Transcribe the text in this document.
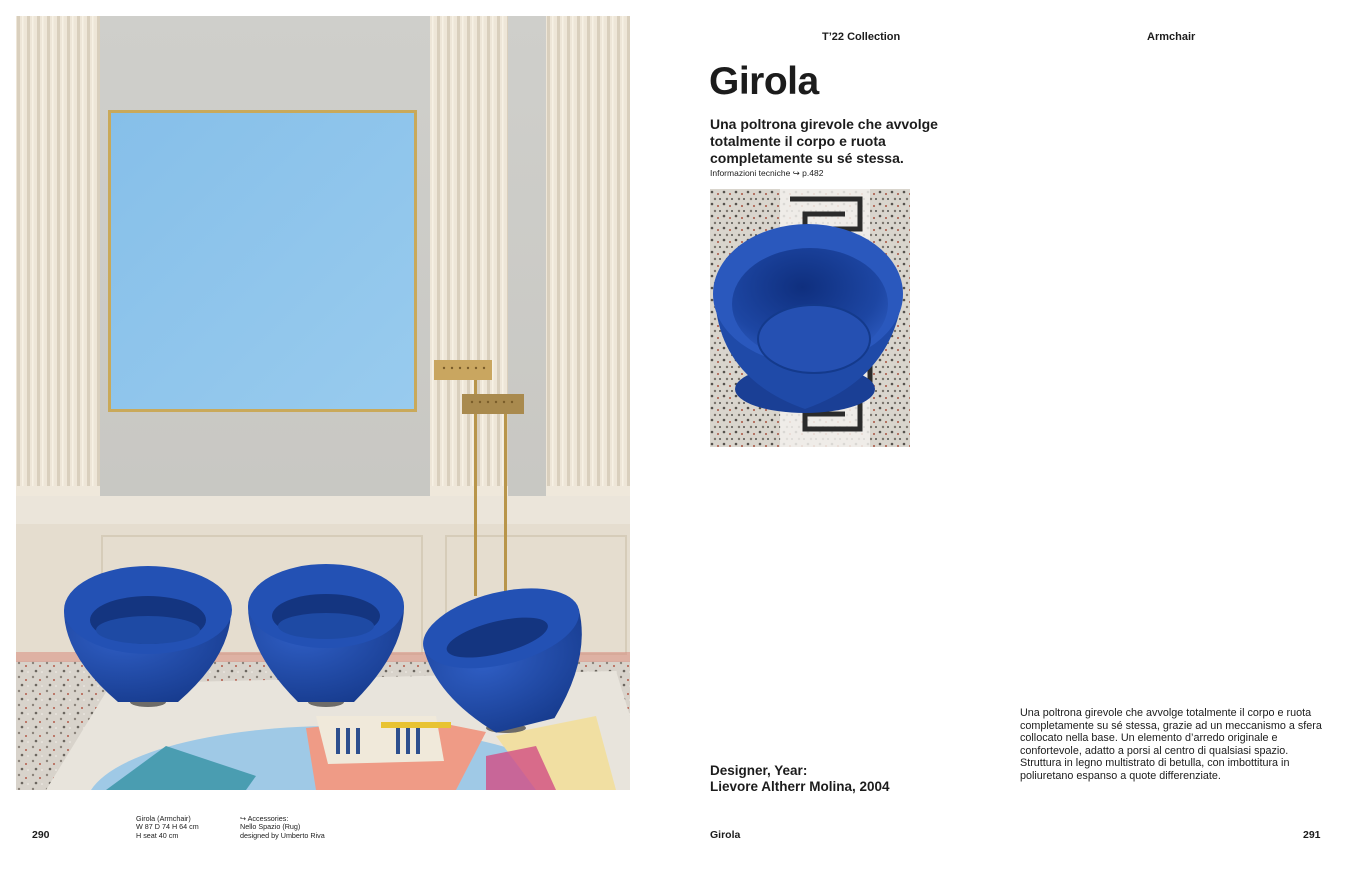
T’22 Collection	Armchair
Girola

Una poltrona girevole che avvolge totalmente il corpo e ruota completamente su sé stessa.

Informazioni tecniche ↪ p.482
Designer, Year:
Lievore Altherr Molina, 2004
Una poltrona girevole che avvolge totalmente il corpo e ruota completamente su sé stessa, grazie ad un meccanismo a sfera collocato nella base. Un elemento d’arredo originale e confortevole, adatto a porsi al centro di qualsiasi spazio. Struttura in legno multistrato di betulla, con imbottitura in poliuretano espanso a quote differenziate.
Girola (Armchair)
W 87 D 74 H 64 cm
H seat 40 cm
↪ Accessories:
Nello Spazio (Rug)
designed by Umberto Riva
290	Girola	291
